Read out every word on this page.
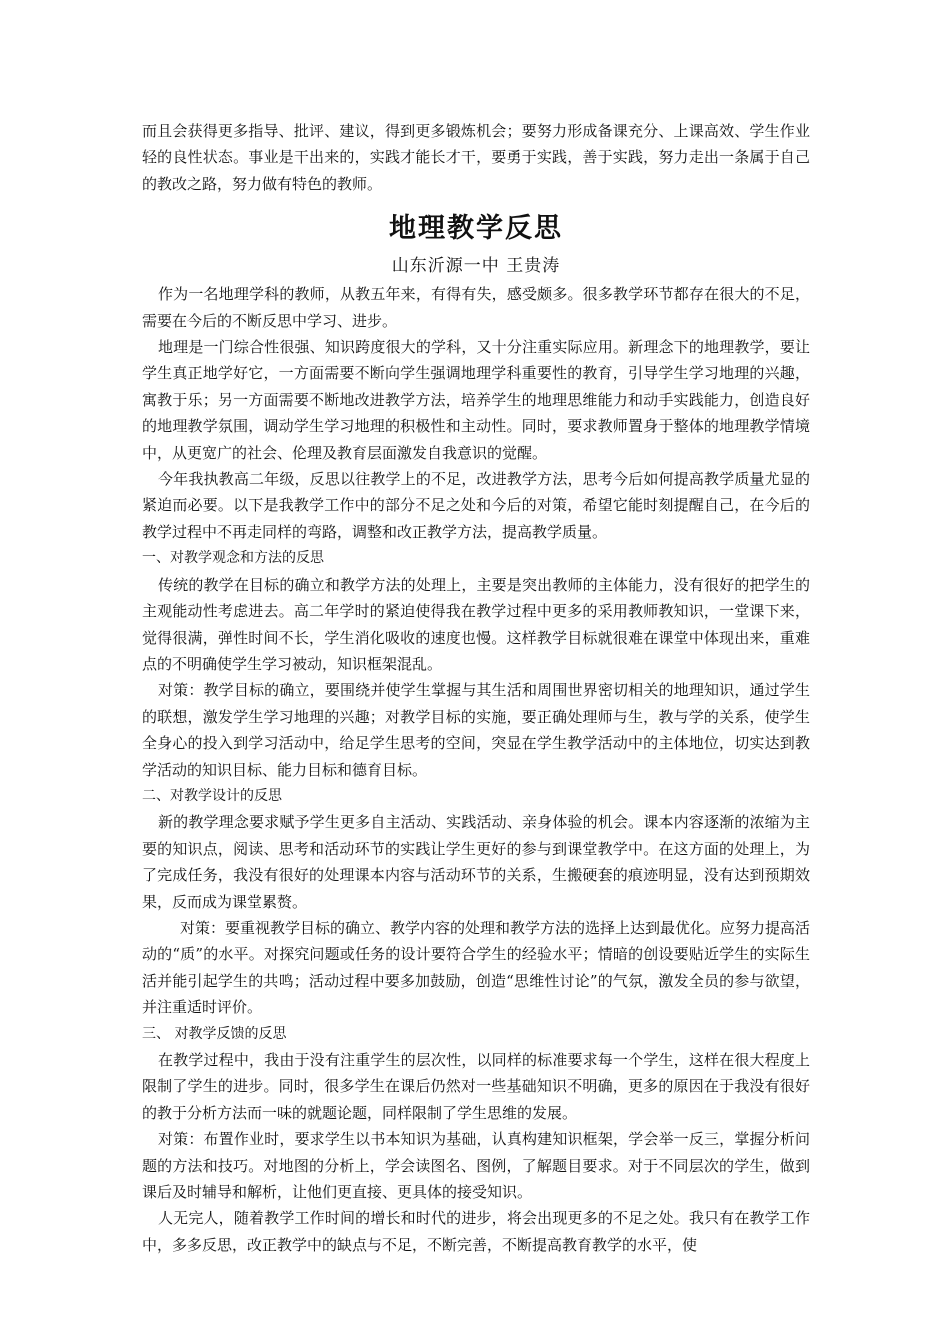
而且会获得更多指导、批评、建议，得到更多锻炼机会；要努力形成备课充分、上课高效、学生作业轻的良性状态。事业是干出来的，实践才能长才干，要勇于实践，善于实践，努力走出一条属于自己的教改之路，努力做有特色的教师。

地理教学反思

山东沂源一中 王贵涛

作为一名地理学科的教师，从教五年来，有得有失，感受颇多。很多教学环节都存在很大的不足，需要在今后的不断反思中学习、进步。

地理是一门综合性很强、知识跨度很大的学科，又十分注重实际应用。新理念下的地理教学，要让学生真正地学好它，一方面需要不断向学生强调地理学科重要性的教育，引导学生学习地理的兴趣，寓教于乐；另一方面需要不断地改进教学方法，培养学生的地理思维能力和动手实践能力，创造良好的地理教学氛围，调动学生学习地理的积极性和主动性。同时，要求教师置身于整体的地理教学情境中，从更宽广的社会、伦理及教育层面激发自我意识的觉醒。

今年我执教高二年级，反思以往教学上的不足，改进教学方法，思考今后如何提高教学质量尤显的紧迫而必要。以下是我教学工作中的部分不足之处和今后的对策，希望它能时刻提醒自己，在今后的教学过程中不再走同样的弯路，调整和改正教学方法，提高教学质量。

一、对教学观念和方法的反思

传统的教学在目标的确立和教学方法的处理上，主要是突出教师的主体能力，没有很好的把学生的主观能动性考虑进去。高二年学时的紧迫使得我在教学过程中更多的采用教师教知识，一堂课下来，觉得很满，弹性时间不长，学生消化吸收的速度也慢。这样教学目标就很难在课堂中体现出来，重难点的不明确使学生学习被动，知识框架混乱。

对策：教学目标的确立，要围绕并使学生掌握与其生活和周围世界密切相关的地理知识，通过学生的联想，激发学生学习地理的兴趣；对教学目标的实施，要正确处理师与生，教与学的关系，使学生全身心的投入到学习活动中，给足学生思考的空间，突显在学生教学活动中的主体地位，切实达到教学活动的知识目标、能力目标和德育目标。

二、对教学设计的反思

新的教学理念要求赋予学生更多自主活动、实践活动、亲身体验的机会。课本内容逐渐的浓缩为主要的知识点，阅读、思考和活动环节的实践让学生更好的参与到课堂教学中。在这方面的处理上，为了完成任务，我没有很好的处理课本内容与活动环节的关系，生搬硬套的痕迹明显，没有达到预期效果，反而成为课堂累赘。

对策：要重视教学目标的确立、教学内容的处理和教学方法的选择上达到最优化。应努力提高活动的“质”的水平。对探究问题或任务的设计要符合学生的经验水平；情暗的创设要贴近学生的实际生活并能引起学生的共鸣；活动过程中要多加鼓励，创造“思维性讨论”的气氛，激发全员的参与欲望，并注重适时评价。

三、 对教学反馈的反思

在教学过程中，我由于没有注重学生的层次性，以同样的标准要求每一个学生，这样在很大程度上限制了学生的进步。同时，很多学生在课后仍然对一些基础知识不明确，更多的原因在于我没有很好的教于分析方法而一味的就题论题，同样限制了学生思维的发展。

对策：布置作业时，要求学生以书本知识为基础，认真构建知识框架，学会举一反三，掌握分析问题的方法和技巧。对地图的分析上，学会读图名、图例，了解题目要求。对于不同层次的学生，做到课后及时辅导和解析，让他们更直接、更具体的接受知识。

人无完人，随着教学工作时间的增长和时代的进步，将会出现更多的不足之处。我只有在教学工作中，多多反思，改正教学中的缺点与不足，不断完善，不断提高教育教学的水平，使
